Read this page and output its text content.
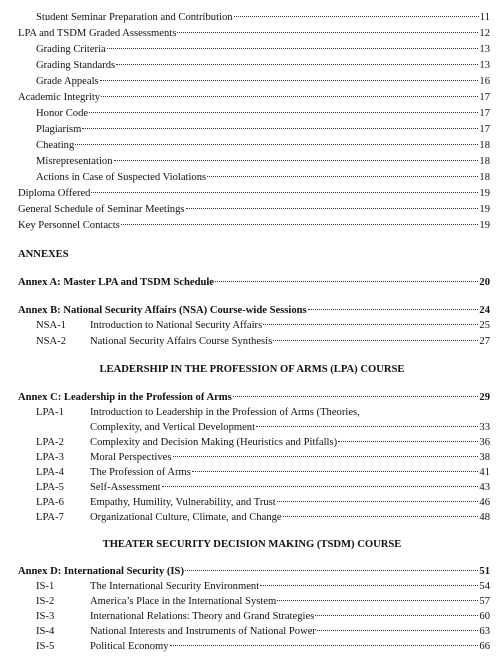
Student Seminar Preparation and Contribution	11
LPA and TSDM Graded Assessments	12
Grading Criteria	13
Grading Standards	13
Grade Appeals	16
Academic Integrity	17
Honor Code	17
Plagiarism	17
Cheating	18
Misrepresentation	18
Actions in Case of Suspected Violations	18
Diploma Offered	19
General Schedule of Seminar Meetings	19
Key Personnel Contacts	19
ANNEXES
Annex A: Master LPA and TSDM Schedule	20
Annex B: National Security Affairs (NSA) Course-wide Sessions	24
NSA-1	Introduction to National Security Affairs	25
NSA-2	National Security Affairs Course Synthesis	27
LEADERSHIP IN THE PROFESSION OF ARMS (LPA) COURSE
Annex C: Leadership in the Profession of Arms	29
LPA-1	Introduction to Leadership in the Profession of Arms (Theories,
Complexity, and Vertical Development	33
LPA-2	Complexity and Decision Making (Heuristics and Pitfalls)	36
LPA-3	Moral Perspectives	38
LPA-4	The Profession of Arms	41
LPA-5	Self-Assessment	43
LPA-6	Empathy, Humility, Vulnerability, and Trust	46
LPA-7	Organizational Culture, Climate, and Change	48
THEATER SECURITY DECISION MAKING (TSDM) COURSE
Annex D: International Security (IS)	51
IS-1	The International Security Environment	54
IS-2	America’s Place in the International System	57
IS-3	International Relations: Theory and Grand Strategies	60
IS-4	National Interests and Instruments of National Power	63
IS-5	Political Economy	66
